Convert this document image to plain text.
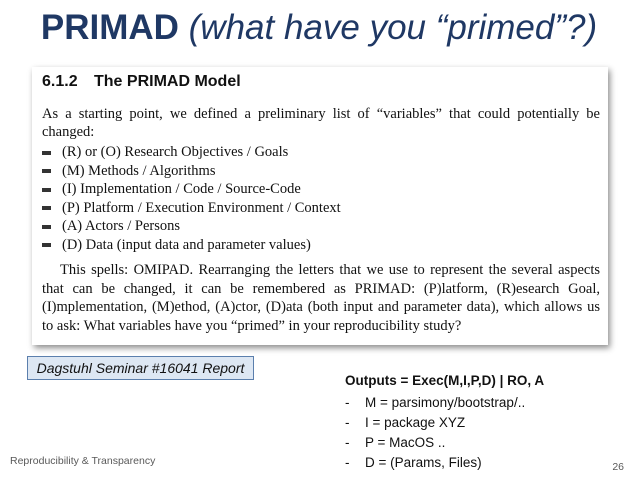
PRIMAD (what have you “primed”?)
6.1.2 The PRIMAD Model
As a starting point, we defined a preliminary list of “variables” that could potentially be changed:
(R) or (O) Research Objectives / Goals
(M) Methods / Algorithms
(I) Implementation / Code / Source-Code
(P) Platform / Execution Environment / Context
(A) Actors / Persons
(D) Data (input data and parameter values)
This spells: OMIPAD. Rearranging the letters that we use to represent the several aspects that can be changed, it can be remembered as PRIMAD: (P)latform, (R)esearch Goal, (I)mplementation, (M)ethod, (A)ctor, (D)ata (both input and parameter data), which allows us to ask: What variables have you “primed” in your reproducibility study?
Dagstuhl Seminar #16041 Report
Outputs = Exec(M,I,P,D) | RO, A
- M = parsimony/bootstrap/..
- I = package XYZ
- P = MacOS ..
- D = (Params, Files)
Reproducibility & Transparency	26
